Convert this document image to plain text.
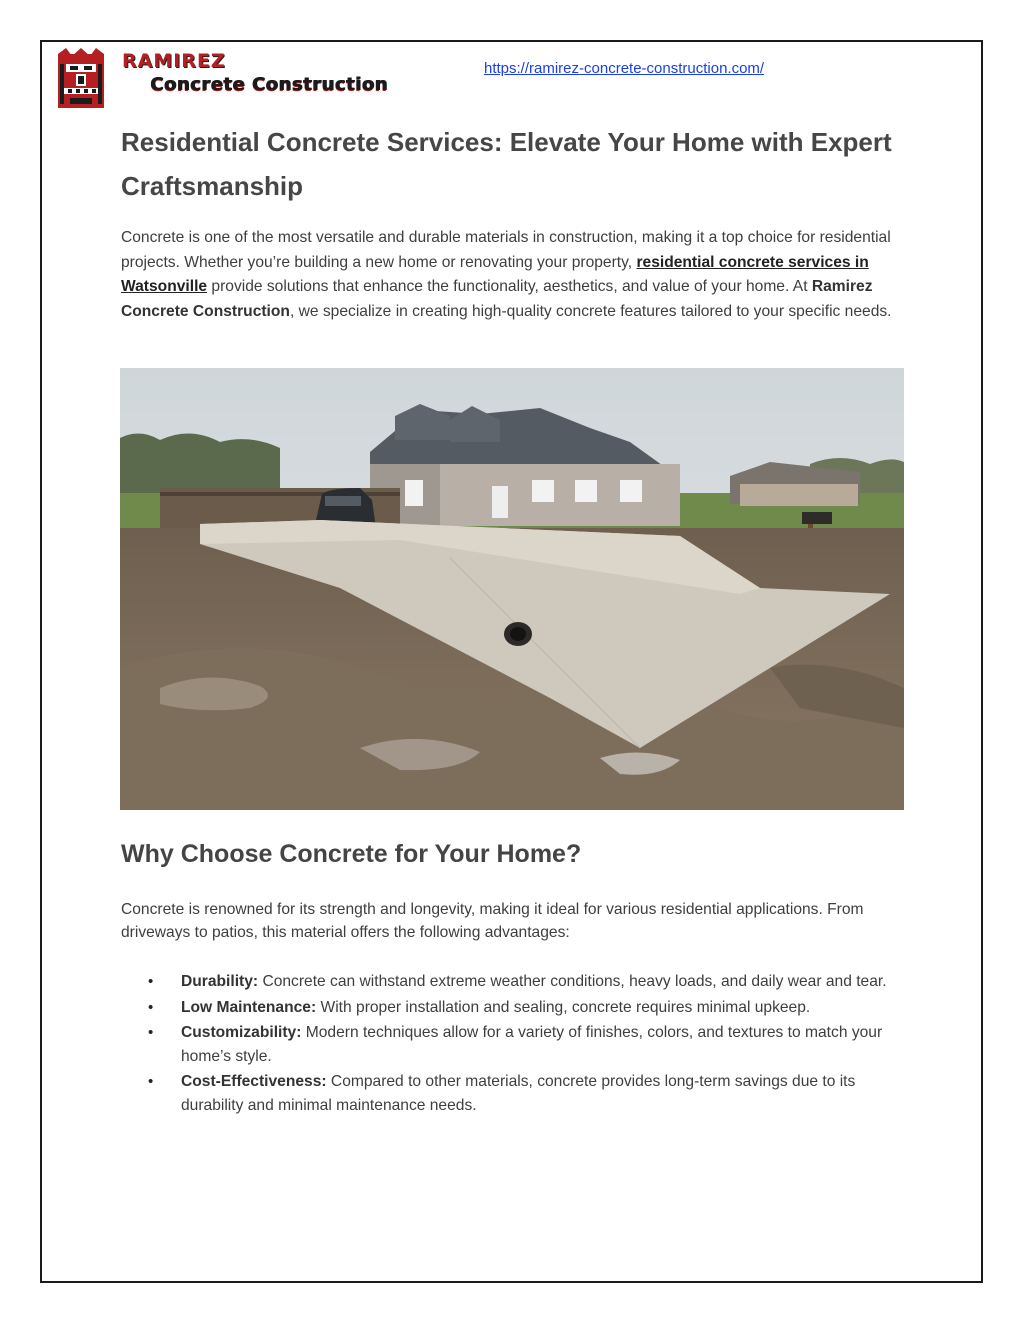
RAMIREZ
Concrete Construction
https://ramirez-concrete-construction.com/
Residential Concrete Services: Elevate Your Home with Expert Craftsmanship

Concrete is one of the most versatile and durable materials in construction, making it a top choice for residential projects. Whether you’re building a new home or renovating your property, residential concrete services in Watsonville provide solutions that enhance the functionality, aesthetics, and value of your home. At Ramirez Concrete Construction, we specialize in creating high-quality concrete features tailored to your specific needs.

Why Choose Concrete for Your Home?

Concrete is renowned for its strength and longevity, making it ideal for various residential applications. From driveways to patios, this material offers the following advantages:

• Durability: Concrete can withstand extreme weather conditions, heavy loads, and daily wear and tear.
• Low Maintenance: With proper installation and sealing, concrete requires minimal upkeep.
• Customizability: Modern techniques allow for a variety of finishes, colors, and textures to match your home’s style.
• Cost-Effectiveness: Compared to other materials, concrete provides long-term savings due to its durability and minimal maintenance needs.
